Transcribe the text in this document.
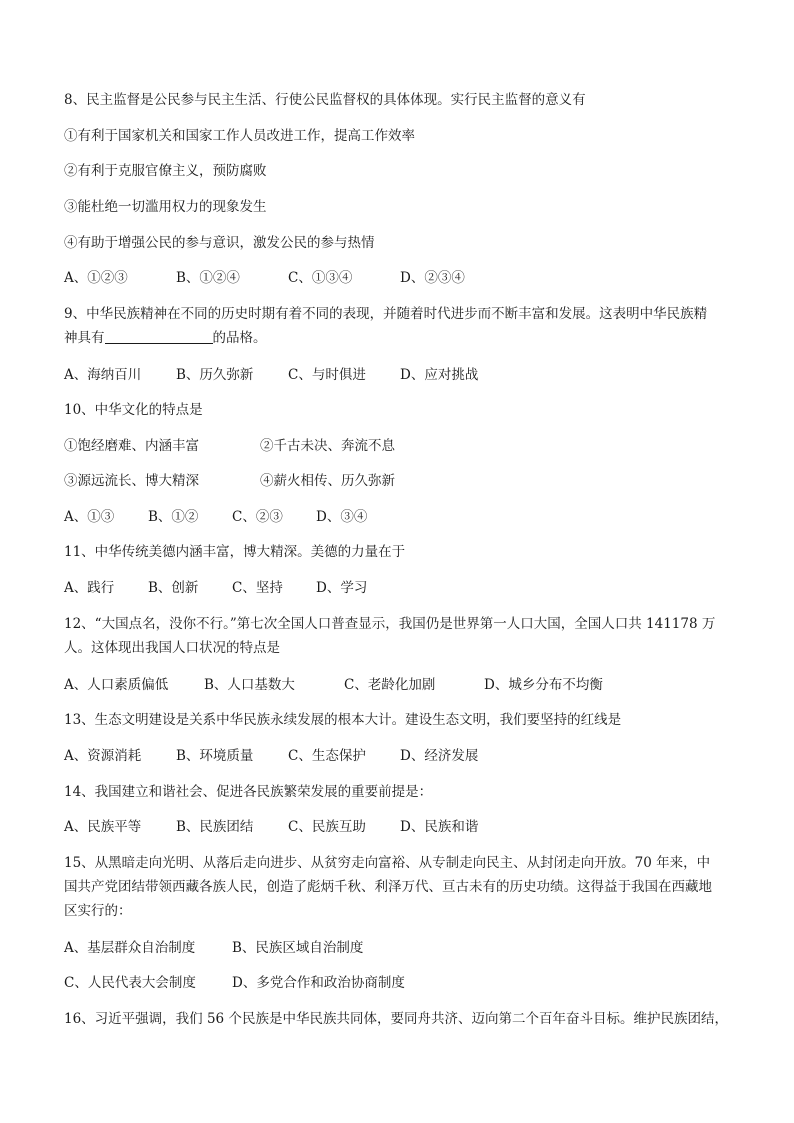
8、民主监督是公民参与民主生活、行使公民监督权的具体体现。实行民主监督的意义有
①有利于国家机关和国家工作人员改进工作，提高工作效率
②有利于克服官僚主义，预防腐败
③能杜绝一切滥用权力的现象发生
④有助于增强公民的参与意识，激发公民的参与热情
A、①②③	B、①②④	C、①③④	D、②③④
9、中华民族精神在不同的历史时期有着不同的表现，并随着时代进步而不断丰富和发展。这表明中华民族精
神具有	的品格。
A、海纳百川	B、历久弥新	C、与时俱进	D、应对挑战
10、中华文化的特点是
①饱经磨难、内涵丰富	②千古未决、奔流不息
③源远流长、博大精深	④薪火相传、历久弥新
A、①③	B、①② C、②③ D、③④
11、中华传统美德内涵丰富，博大精深。美德的力量在于
A、践行	B、创新 C、坚持 D、学习
12、“大国点名，没你不行。”第七次全国人口普查显示，我国仍是世界第一人口大国，全国人口共 141178 万
人。这体现出我国人口状况的特点是
A、人口素质偏低	B、人口基数大	C、老龄化加剧	D、城乡分布不均衡
13、生态文明建设是关系中华民族永续发展的根本大计。建设生态文明，我们要坚持的红线是
A、资源消耗	B、环境质量	C、生态保护	D、经济发展
14、我国建立和谐社会、促进各民族繁荣发展的重要前提是：
A、民族平等	B、民族团结	C、民族互助	D、民族和谐
15、从黑暗走向光明、从落后走向进步、从贫穷走向富裕、从专制走向民主、从封闭走向开放。70 年来，中
国共产党团结带领西藏各族人民，创造了彪炳千秋、利泽万代、亘古未有的历史功绩。这得益于我国在西藏地
区实行的：
A、基层群众自治制度	B、民族区域自治制度
C、人民代表大会制度	D、多党合作和政治协商制度
16、习近平强调，我们 56 个民族是中华民族共同体，要同舟共济、迈向第二个百年奋斗目标。维护民族团结，
